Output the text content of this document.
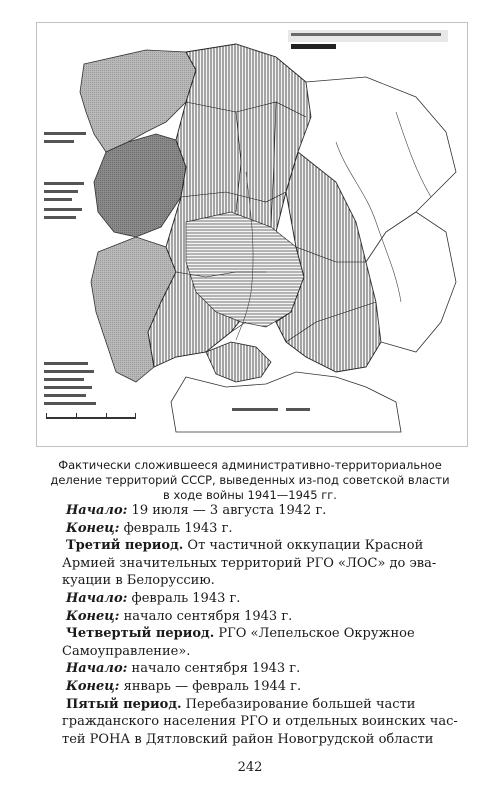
Фактически сложившееся административно-территориальное
деление территорий СССР, выведенных из-под советской власти
в ходе войны 1941—1945 гг.

Начало: 19 июля — 3 августа 1942 г.

Конец: февраль 1943 г.

Третий период. От частичной оккупации Красной

Армией значительных территорий РГО «ЛОС» до эва-

куации в Белоруссию.

Начало: февраль 1943 г.

Конец: начало сентября 1943 г.

Четвертый период. РГО «Лепельское Окружное

Самоуправление».

Начало: начало сентября 1943 г.

Конец: январь — февраль 1944 г.

Пятый период. Перебазирование большей части

гражданского населения РГО и отдельных воинских час-

тей РОНА в Дятловский район Новогрудской области

242
